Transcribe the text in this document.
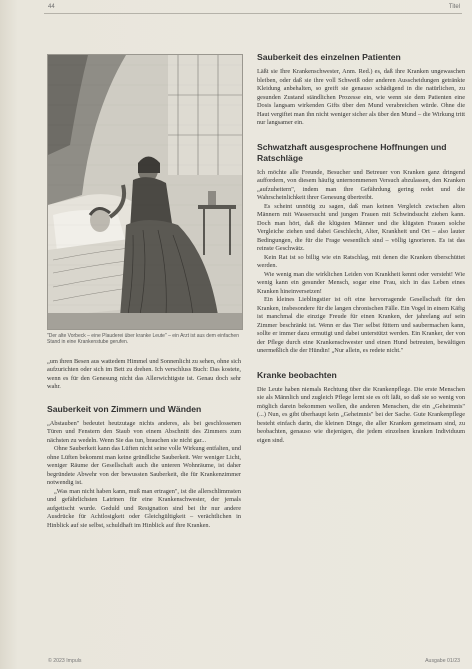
44	Titel
"Der alte Vorbeck – eine Plauderei über kranke Leute" – ein Arzt ist aus dem einfachen Stand in eine Krankenstube gerufen.

„um ihren Besen aus wattedem Himmel und Sonnenlicht zu sehen, ohne sich aufzurichten oder sich im Bett zu drehen. Ich verschluss Buch: Das kostete, wenn es für den Genesung nicht das Allerwichtigste ist. Genau doch sehr wahr.

Sauberkeit von Zimmern und Wänden

„Abstauben" bedeutet heutzutage nichts anderes, als bei geschlossenen Türen und Fenstern den Staub von einem Abschnitt des Zimmers zum nächsten zu wedeln. Wenn Sie das tun, brauchen sie nicht gar...

Ohne Sauberkeit kann das Lüften nicht seine volle Wirkung entfalten, und ohne Lüften bekommt man keine gründliche Sauberkeit. Wer weniger Licht, weniger Räume der Gesellschaft auch die unteren Wohnräume, ist daher begründete Abwehr von der bewussten Sauberkeit, die für Krankenzimmer notwendig ist.

„Was man nicht haben kann, muß man ertragen", ist die allerschlimmsten und gefährlichsten Latrinen für eine Krankenschwester, der jemals aufgetischt wurde. Geduld und Resignation sind bei ihr nur andere Ausdrücke für Achtlosigkeit oder Gleichgültigkeit – verächtlichen in Hinblick auf sie selbst, schuldhaft im Hinblick auf ihre Kranken.

Sauberkeit des einzelnen Patienten

Läßt sie Ihre Krankenschwester, Anm. Red.) es, daß ihre Kranken ungewaschen bleiben, oder daß sie ihre voll Schweiß oder anderen Ausscheidungen getränkte Kleidung anbehalten, so greift sie genauso schädigend in die natürlichen, zu gesunden Zustand ständlichen Prozesse ein, wie wenn sie dem Patienten eine Dosis langsam wirkenden Gifts über den Mund verabreichen würde. Ohne die Haut vergiftet man ihn nicht weniger sicher als über den Mund – die Wirkung tritt nur langsamer ein.

Schwatzhaft ausgesprochene Hoffnungen und Ratschläge

Ich möchte alle Freunde, Besucher und Betreuer von Kranken ganz dringend auffordern, von diesem häufig unternommenen Versuch abzulassen, den Kranken „aufzuheitern", indem man ihre Gefährdung gering redet und die Wahrscheinlichkeit ihrer Genesung übertreibt.

Es scheint unnötig zu sagen, daß man keinen Vergleich zwischen alten Männern mit Wassersucht und jungen Frauen mit Schwindsucht ziehen kann. Doch man hört, daß die klügsten Männer und die klügsten Frauen solche Vergleiche ziehen und dabei Geschlecht, Alter, Krankheit und Ort – also lauter Bedingungen, die für die Frage wesentlich sind – völlig ignorieren. Es ist das reinste Geschwätz.

Kein Rat ist so billig wie ein Ratschlag, mit denen die Kranken überschüttet werden.

Wie wenig man die wirklichen Leiden von Krankheit kennt oder versteht! Wie wenig kann ein gesunder Mensch, sogar eine Frau, sich in das Leben eines Kranken hineinversetzen!

Ein kleines Lieblingstier ist oft eine hervorragende Gesellschaft für den Kranken, insbesondere für die langen chronischen Fälle. Ein Vogel in einem Käfig ist manchmal die einzige Freude für einen Kranken, der jahrelang auf sein Zimmer beschränkt ist. Wenn er das Tier selbst füttern und saubermachen kann, sollte er immer dazu ermutigt und dabei unterstützt werden. Ein Kranker, der von der Pflege durch eine Krankenschwester und einen Hund betreuten, bewältigen unermeßlich die der Hündin! „Nur allein, es redete nicht."

Kranke beobachten

Die Leute haben niemals Rechtung über die Krankenpflege. Die erste Menschen sie als Männlich und zugleich Pflege lernt sie es oft läßt, so daß sie so wenig von möglich darein bekommen wollen, die anderen Menschen, die ein „Geheimnis" (...) Nun, es gibt überhaupt kein „Geheimnis" bei der Sache. Gute Krankenpflege besteht einfach darin, die kleinen Dinge, die aller Kranken gemeinsam sind, zu beobachten, genauso wie diejenigen, die jedem einzelnen kranken Individuum eigen sind.

© 2023 Impuls	Ausgabe 01/23
